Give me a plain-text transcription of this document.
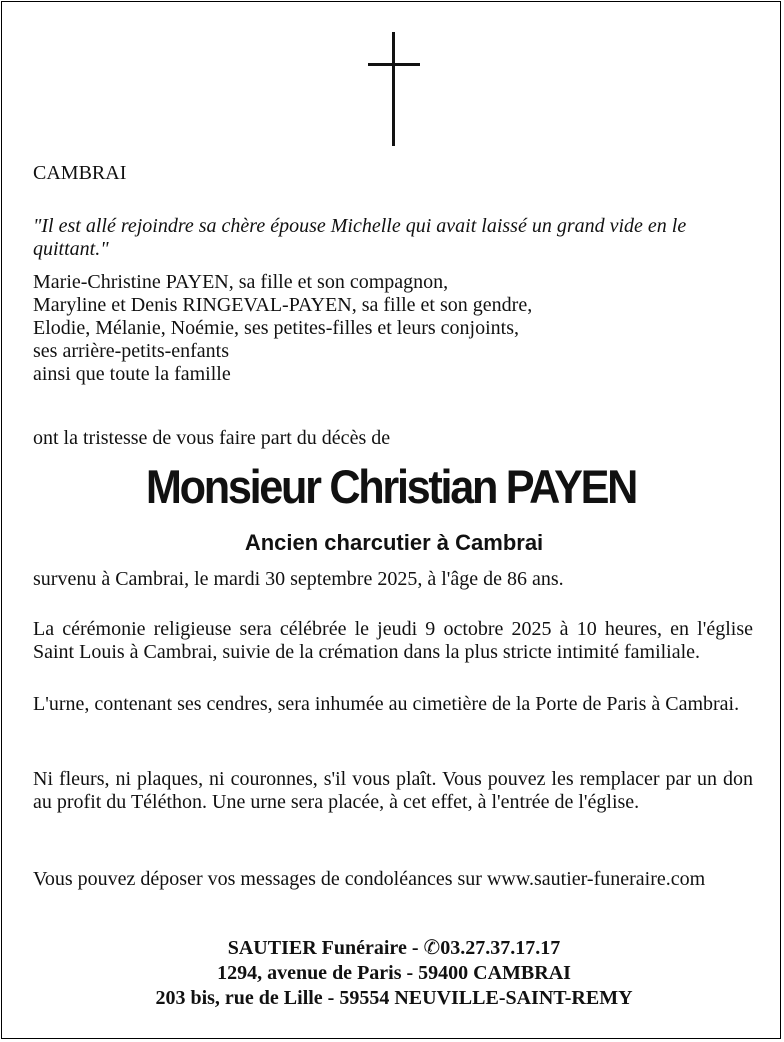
CAMBRAI
"Il est allé rejoindre sa chère épouse Michelle qui avait laissé un grand vide en le quittant."
Marie-Christine PAYEN, sa fille et son compagnon,
Maryline et Denis RINGEVAL-PAYEN, sa fille et son gendre,
Elodie, Mélanie, Noémie, ses petites-filles et leurs conjoints,
ses arrière-petits-enfants
ainsi que toute la famille
ont la tristesse de vous faire part du décès de
Monsieur Christian PAYEN
Ancien charcutier à Cambrai
survenu à Cambrai, le mardi 30 septembre 2025, à l'âge de 86 ans.
La cérémonie religieuse sera célébrée le jeudi 9 octobre 2025 à 10 heures, en l'église Saint Louis à Cambrai, suivie de la crémation dans la plus stricte intimité familiale.
L'urne, contenant ses cendres, sera inhumée au cimetière de la Porte de Paris à Cambrai.
Ni fleurs, ni plaques, ni couronnes, s'il vous plaît. Vous pouvez les remplacer par un don au profit du Téléthon. Une urne sera placée, à cet effet, à l'entrée de l'église.
Vous pouvez déposer vos messages de condoléances sur www.sautier-funeraire.com
SAUTIER Funéraire - ✆03.27.37.17.17
1294, avenue de Paris - 59400 CAMBRAI
203 bis, rue de Lille - 59554 NEUVILLE-SAINT-REMY
